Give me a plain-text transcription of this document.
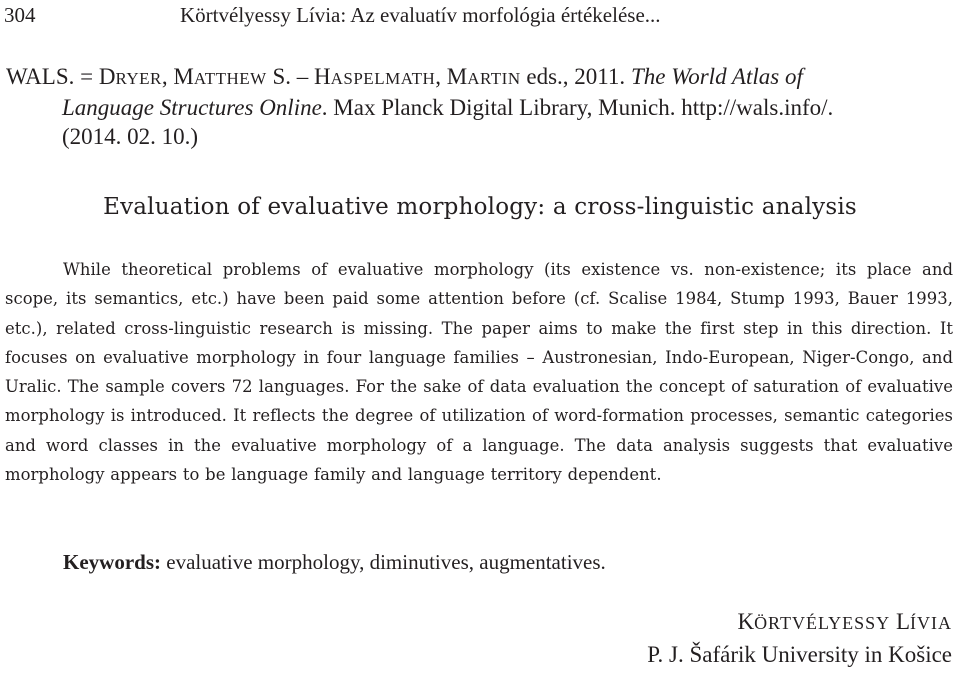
304	Körtvélyessy Lívia: Az evaluatív morfológia értékelése...
WALS. = DRYER, MATTHEW S. – HASPELMATH, MARTIN eds., 2011. The World Atlas of
Language Structures Online. Max Planck Digital Library, Munich. http://wals.info/.
(2014. 02. 10.)
Evaluation of evaluative morphology: a cross-linguistic analysis

While theoretical problems of evaluative morphology (its existence vs. non-existence; its place and scope, its semantics, etc.) have been paid some attention before (cf. Scalise 1984, Stump 1993, Bauer 1993, etc.), related cross-linguistic research is missing. The paper aims to make the first step in this direction. It focuses on evaluative morphology in four language families – Austronesian, Indo-European, Niger-Congo, and Uralic. The sample covers 72 languages. For the sake of data evaluation the concept of saturation of evaluative morphology is introduced. It reflects the degree of utilization of word-formation processes, semantic categories and word classes in the evaluative morphology of a language. The data analysis suggests that evaluative morphology appears to be language family and language territory dependent.

Keywords: evaluative morphology, diminutives, augmentatives.
KÖRTVÉLYESSY LÍVIA
P. J. Šafárik University in Košice
